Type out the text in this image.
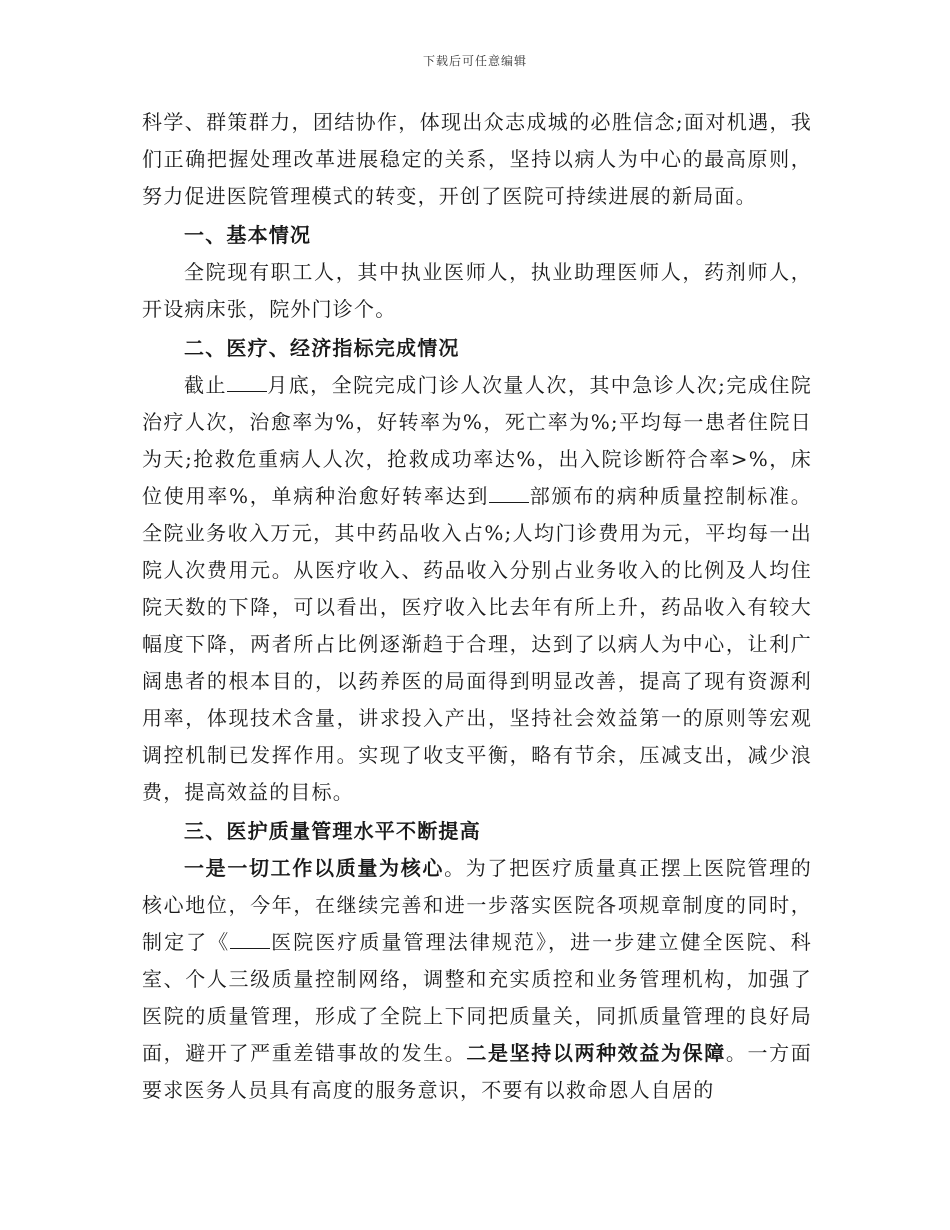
下载后可任意编辑

科学、群策群力，团结协作，体现出众志成城的必胜信念;面对机遇，我们正确把握处理改革进展稳定的关系，坚持以病人为中心的最高原则，努力促进医院管理模式的转变，开创了医院可持续进展的新局面。

一、基本情况

全院现有职工人，其中执业医师人，执业助理医师人，药剂师人，开设病床张，院外门诊个。

二、医疗、经济指标完成情况

截止 月底，全院完成门诊人次量人次，其中急诊人次;完成住院治疗人次，治愈率为%，好转率为%，死亡率为%;平均每一患者住院日为天;抢救危重病人人次，抢救成功率达%，出入院诊断符合率>%，床位使用率%，单病种治愈好转率达到 部颁布的病种质量控制标准。全院业务收入万元，其中药品收入占%;人均门诊费用为元，平均每一出院人次费用元。从医疗收入、药品收入分别占业务收入的比例及人均住院天数的下降，可以看出，医疗收入比去年有所上升，药品收入有较大幅度下降，两者所占比例逐渐趋于合理，达到了以病人为中心，让利广阔患者的根本目的，以药养医的局面得到明显改善，提高了现有资源利用率，体现技术含量，讲求投入产出，坚持社会效益第一的原则等宏观调控机制已发挥作用。实现了收支平衡，略有节余，压减支出，减少浪费，提高效益的目标。

三、医护质量管理水平不断提高

一是一切工作以质量为核心。为了把医疗质量真正摆上医院管理的核心地位，今年，在继续完善和进一步落实医院各项规章制度的同时，制定了《 医院医疗质量管理法律规范》，进一步建立健全医院、科室、个人三级质量控制网络，调整和充实质控和业务管理机构，加强了医院的质量管理，形成了全院上下同把质量关，同抓质量管理的良好局面，避开了严重差错事故的发生。二是坚持以两种效益为保障。一方面要求医务人员具有高度的服务意识，不要有以救命恩人自居的
